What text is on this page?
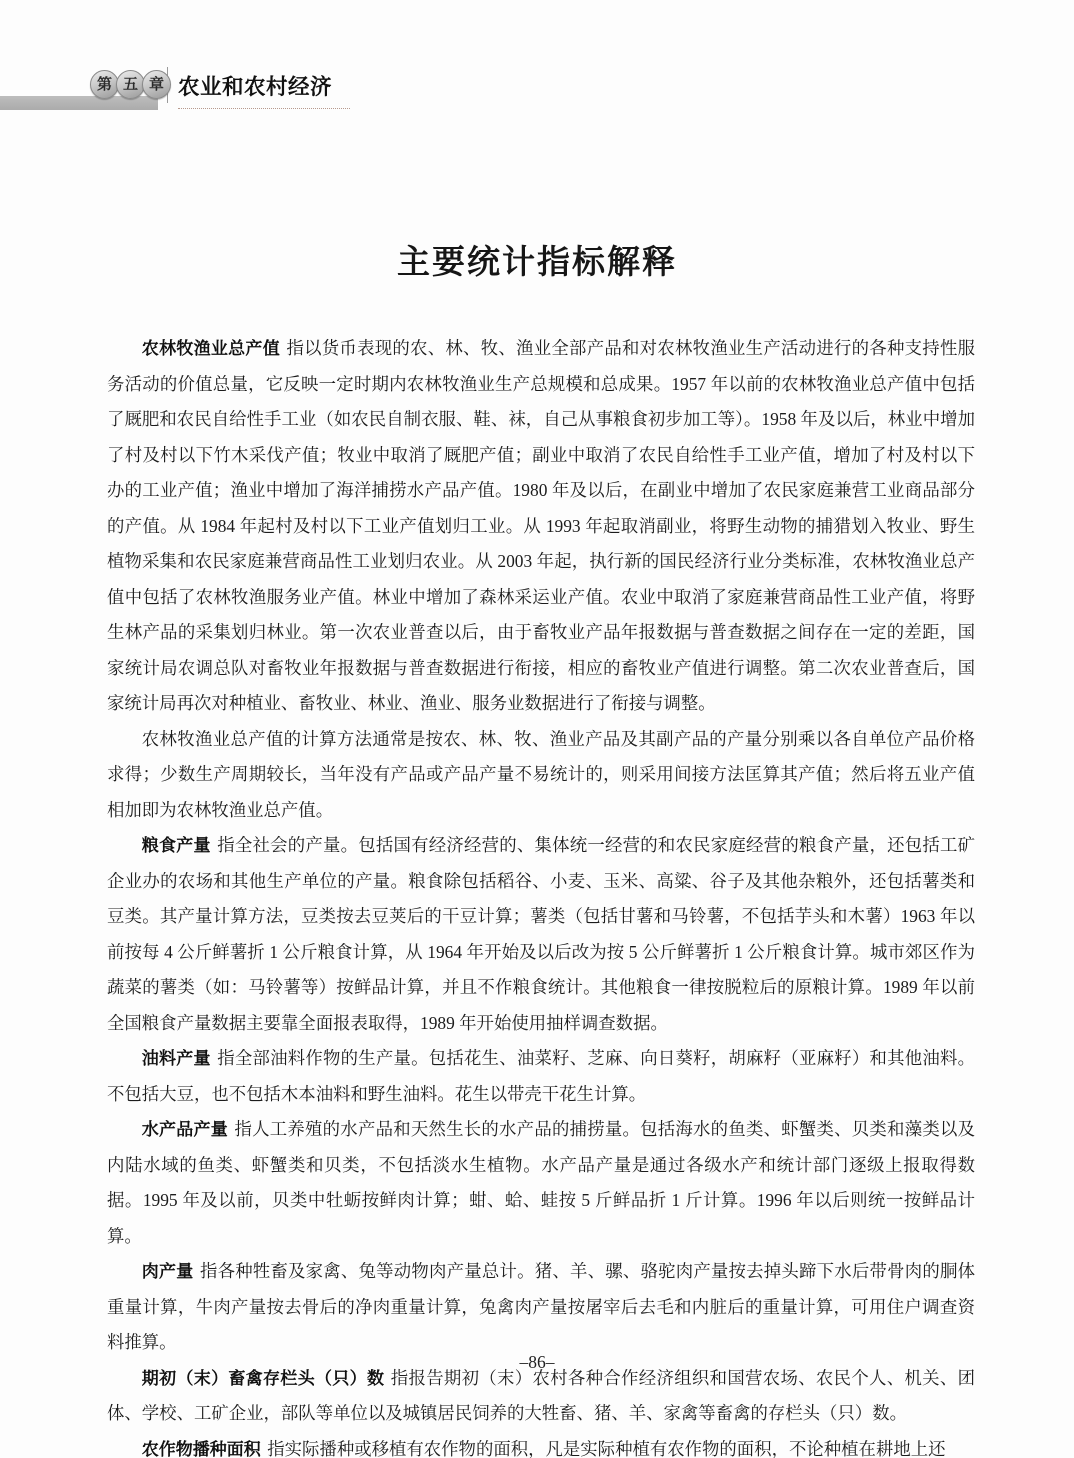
第 五 章 农业和农村经济
主要统计指标解释

农林牧渔业总产值 指以货币表现的农、林、牧、渔业全部产品和对农林牧渔业生产活动进行的各种支持性服务活动的价值总量，它反映一定时期内农林牧渔业生产总规模和总成果。1957 年以前的农林牧渔业总产值中包括了厩肥和农民自给性手工业（如农民自制衣服、鞋、袜，自己从事粮食初步加工等）。1958 年及以后，林业中增加了村及村以下竹木采伐产值；牧业中取消了厩肥产值；副业中取消了农民自给性手工业产值，增加了村及村以下办的工业产值；渔业中增加了海洋捕捞水产品产值。1980 年及以后，在副业中增加了农民家庭兼营工业商品部分的产值。从 1984 年起村及村以下工业产值划归工业。从 1993 年起取消副业，将野生动物的捕猎划入牧业、野生植物采集和农民家庭兼营商品性工业划归农业。从 2003 年起，执行新的国民经济行业分类标准，农林牧渔业总产值中包括了农林牧渔服务业产值。林业中增加了森林采运业产值。农业中取消了家庭兼营商品性工业产值，将野生林产品的采集划归林业。第一次农业普查以后，由于畜牧业产品年报数据与普查数据之间存在一定的差距，国家统计局农调总队对畜牧业年报数据与普查数据进行衔接，相应的畜牧业产值进行调整。第二次农业普查后，国家统计局再次对种植业、畜牧业、林业、渔业、服务业数据进行了衔接与调整。

农林牧渔业总产值的计算方法通常是按农、林、牧、渔业产品及其副产品的产量分别乘以各自单位产品价格求得；少数生产周期较长，当年没有产品或产品产量不易统计的，则采用间接方法匡算其产值；然后将五业产值相加即为农林牧渔业总产值。

粮食产量 指全社会的产量。包括国有经济经营的、集体统一经营的和农民家庭经营的粮食产量，还包括工矿企业办的农场和其他生产单位的产量。粮食除包括稻谷、小麦、玉米、高粱、谷子及其他杂粮外，还包括薯类和豆类。其产量计算方法，豆类按去豆荚后的干豆计算；薯类（包括甘薯和马铃薯，不包括芋头和木薯）1963 年以前按每 4 公斤鲜薯折 1 公斤粮食计算，从 1964 年开始及以后改为按 5 公斤鲜薯折 1 公斤粮食计算。城市郊区作为蔬菜的薯类（如：马铃薯等）按鲜品计算，并且不作粮食统计。其他粮食一律按脱粒后的原粮计算。1989 年以前全国粮食产量数据主要靠全面报表取得，1989 年开始使用抽样调查数据。

油料产量 指全部油料作物的生产量。包括花生、油菜籽、芝麻、向日葵籽，胡麻籽（亚麻籽）和其他油料。不包括大豆，也不包括木本油料和野生油料。花生以带壳干花生计算。

水产品产量 指人工养殖的水产品和天然生长的水产品的捕捞量。包括海水的鱼类、虾蟹类、贝类和藻类以及内陆水域的鱼类、虾蟹类和贝类，不包括淡水生植物。水产品产量是通过各级水产和统计部门逐级上报取得数据。1995 年及以前，贝类中牡蛎按鲜肉计算；蚶、蛤、蛙按 5 斤鲜品折 1 斤计算。1996 年以后则统一按鲜品计算。

肉产量 指各种牲畜及家禽、兔等动物肉产量总计。猪、羊、骡、骆驼肉产量按去掉头蹄下水后带骨肉的胴体重量计算，牛肉产量按去骨后的净肉重量计算，兔禽肉产量按屠宰后去毛和内脏后的重量计算，可用住户调查资料推算。

期初（末）畜禽存栏头（只）数 指报告期初（末）农村各种合作经济组织和国营农场、农民个人、机关、团体、学校、工矿企业，部队等单位以及城镇居民饲养的大牲畜、猪、羊、家禽等畜禽的存栏头（只）数。

农作物播种面积 指实际播种或移植有农作物的面积，凡是实际种植有农作物的面积，不论种植在耕地上还

–86–
